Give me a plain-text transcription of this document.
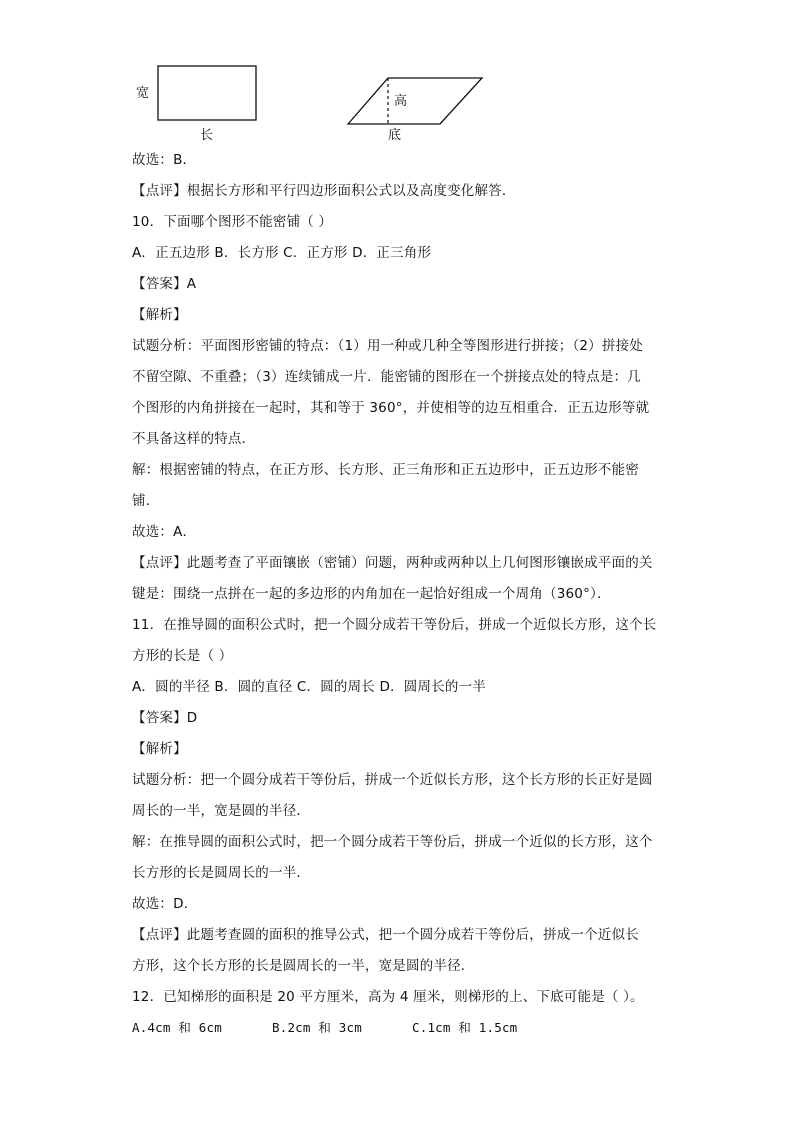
宽
长
高
底
故选：B．
【点评】根据长方形和平行四边形面积公式以及高度变化解答．
10．下面哪个图形不能密铺（ ）
A．正五边形 B．长方形 C．正方形 D．正三角形
【答案】A
【解析】
试题分析：平面图形密铺的特点：（1）用一种或几种全等图形进行拼接；（2）拼接处
不留空隙、不重叠；（3）连续铺成一片．能密铺的图形在一个拼接点处的特点是：几
个图形的内角拼接在一起时，其和等于 360°，并使相等的边互相重合．正五边形等就
不具备这样的特点．
解：根据密铺的特点，在正方形、长方形、正三角形和正五边形中，正五边形不能密
铺．
故选：A．
【点评】此题考查了平面镶嵌（密铺）问题，两种或两种以上几何图形镶嵌成平面的关
键是：围绕一点拼在一起的多边形的内角加在一起恰好组成一个周角（360°）．
11．在推导圆的面积公式时，把一个圆分成若干等份后，拼成一个近似长方形，这个长
方形的长是（ ）
A．圆的半径 B．圆的直径 C．圆的周长 D．圆周长的一半
【答案】D
【解析】
试题分析：把一个圆分成若干等份后，拼成一个近似长方形，这个长方形的长正好是圆
周长的一半，宽是圆的半径．
解：在推导圆的面积公式时，把一个圆分成若干等份后，拼成一个近似的长方形，这个
长方形的长是圆周长的一半．
故选：D．
【点评】此题考查圆的面积的推导公式，把一个圆分成若干等份后，拼成一个近似长
方形，这个长方形的长是圆周长的一半，宽是圆的半径．
12．已知梯形的面积是 20 平方厘米，高为 4 厘米，则梯形的上、下底可能是（ ）。
A.4cm 和 6cm	B.2cm 和 3cm	C.1cm 和 1.5cm
